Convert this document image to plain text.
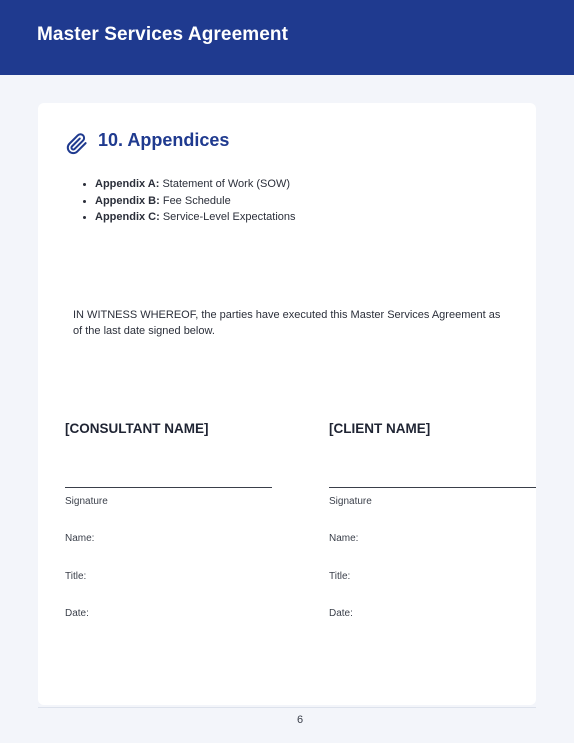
Master Services Agreement
10. Appendices
Appendix A: Statement of Work (SOW)
Appendix B: Fee Schedule
Appendix C: Service-Level Expectations

IN WITNESS WHEREOF, the parties have executed this Master Services Agreement as of the last date signed below.

[CONSULTANT NAME]	[CLIENT NAME]
Signature
Name:
Title:
Date:
Signature
Name:
Title:
Date:
6
